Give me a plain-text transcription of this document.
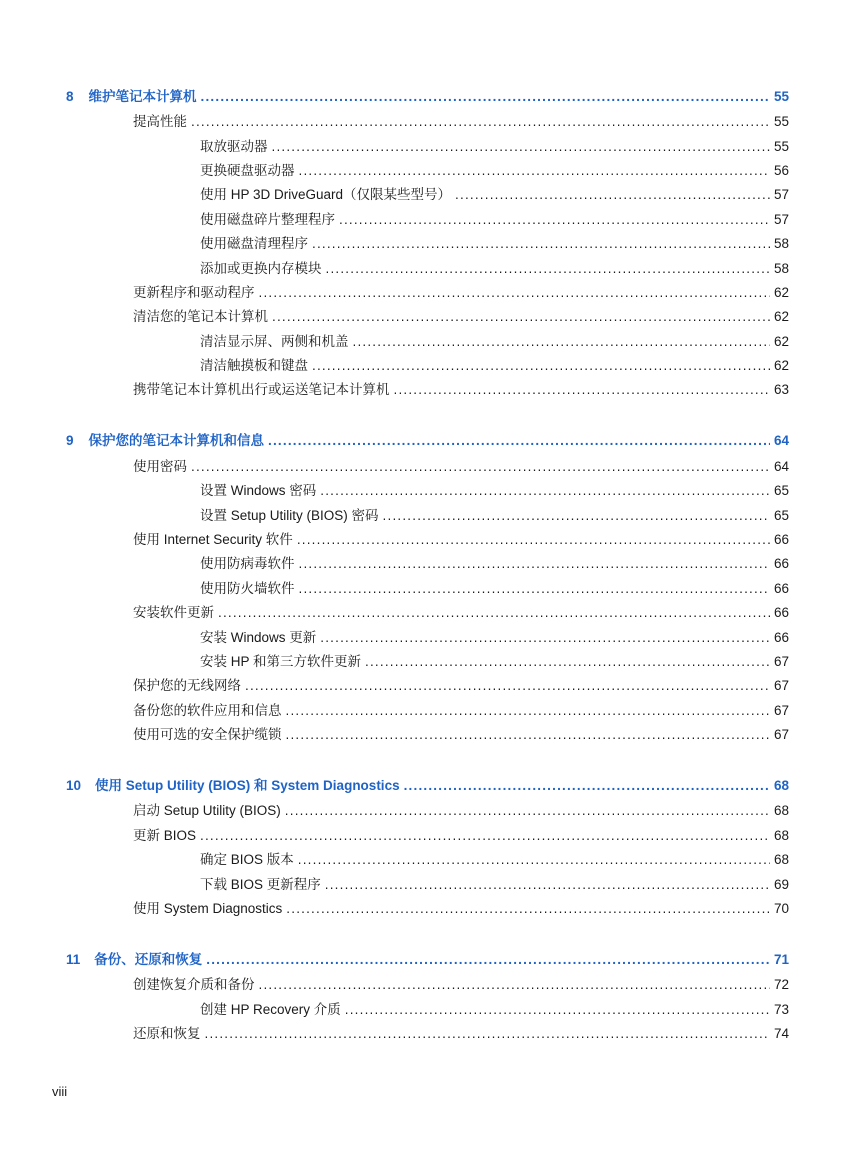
8 维护笔记本计算机 .....	55
提高性能 .....	55
取放驱动器 .....	55
更换硬盘驱动器 .....	56
使用 HP 3D DriveGuard（仅限某些型号） .....	57
使用磁盘碎片整理程序 .....	57
使用磁盘清理程序 .....	58
添加或更换内存模块 .....	58
更新程序和驱动程序 .....	62
清洁您的笔记本计算机 .....	62
清洁显示屏、两侧和机盖 .....	62
清洁触摸板和键盘 .....	62
携带笔记本计算机出行或运送笔记本计算机 .....	63
9 保护您的笔记本计算机和信息 .....	64
使用密码 .....	64
设置 Windows 密码 .....	65
设置 Setup Utility (BIOS) 密码 .....	65
使用 Internet Security 软件 .....	66
使用防病毒软件 .....	66
使用防火墙软件 .....	66
安装软件更新 .....	66
安装 Windows 更新 .....	66
安装 HP 和第三方软件更新 .....	67
保护您的无线网络 .....	67
备份您的软件应用和信息 .....	67
使用可选的安全保护缆锁 .....	67
10 使用 Setup Utility (BIOS) 和 System Diagnostics .....	68
启动 Setup Utility (BIOS) .....	68
更新 BIOS .....	68
确定 BIOS 版本 .....	68
下载 BIOS 更新程序 .....	69
使用 System Diagnostics .....	70
11 备份、还原和恢复 .....	71
创建恢复介质和备份 .....	72
创建 HP Recovery 介质 .....	73
还原和恢复 .....	74
viii
